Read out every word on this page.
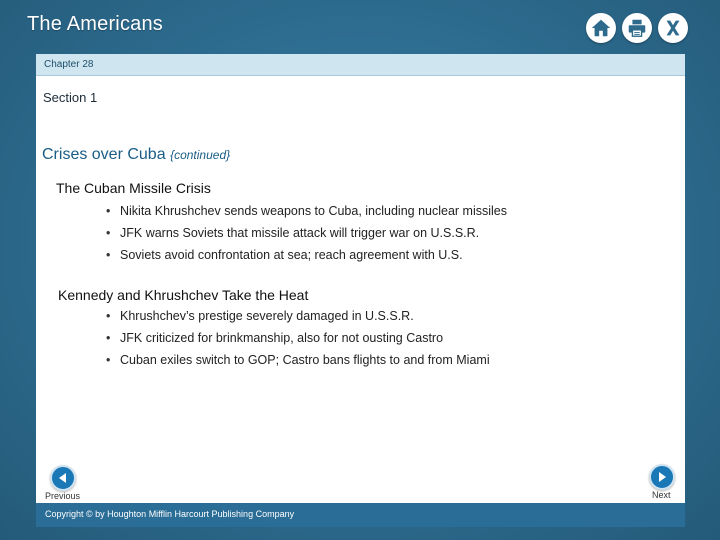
The Americans
Chapter 28
Section 1
Crises over Cuba {continued}
The Cuban Missile Crisis
• Nikita Khrushchev sends weapons to Cuba, including nuclear missiles
• JFK warns Soviets that missile attack will trigger war on U.S.S.R.
• Soviets avoid confrontation at sea; reach agreement with U.S.
Kennedy and Khrushchev Take the Heat
• Khrushchev’s prestige severely damaged in U.S.S.R.
• JFK criticized for brinkmanship, also for not ousting Castro
• Cuban exiles switch to GOP; Castro bans flights to and from Miami
Previous	Next
Copyright © by Houghton Mifflin Harcourt Publishing Company
